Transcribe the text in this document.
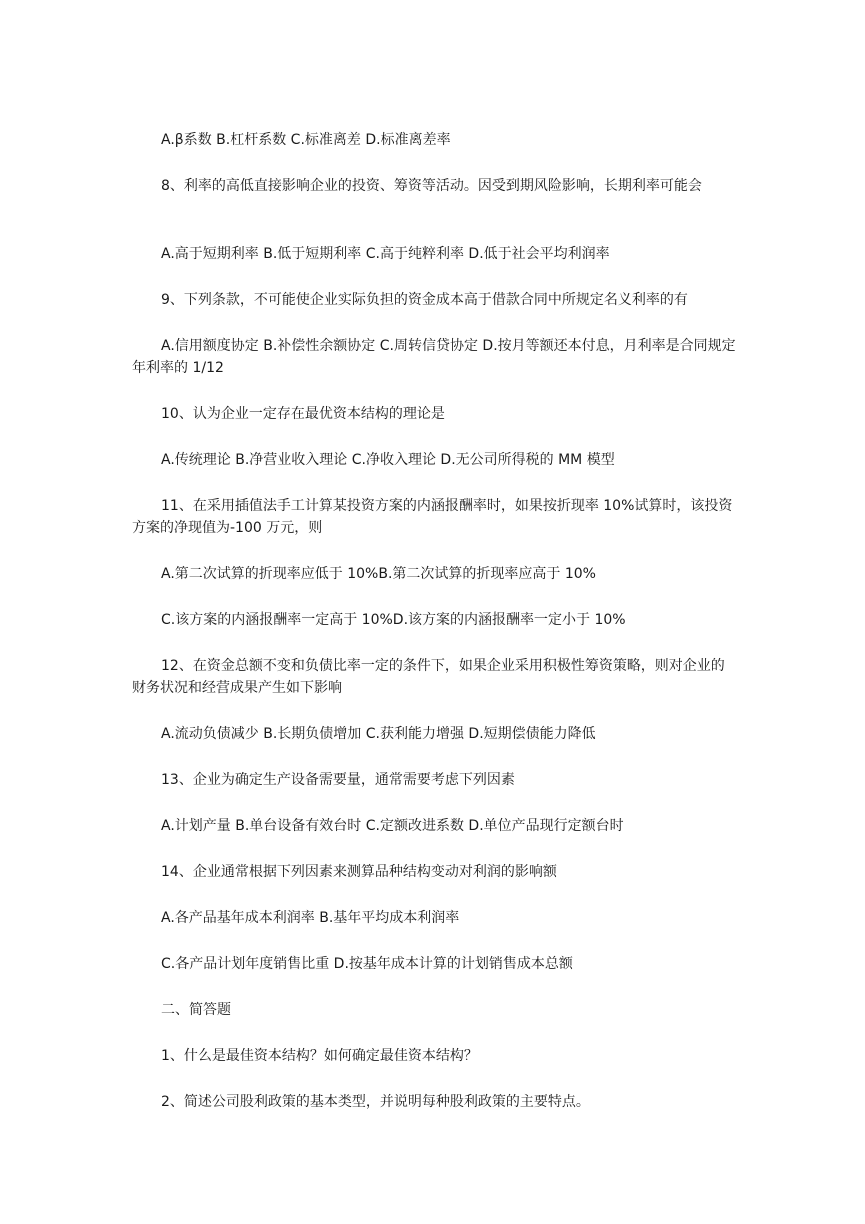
A.β系数 B.杠杆系数 C.标准离差 D.标准离差率

8、利率的高低直接影响企业的投资、筹资等活动。因受到期风险影响，长期利率可能会

A.高于短期利率 B.低于短期利率 C.高于纯粹利率 D.低于社会平均利润率

9、下列条款，不可能使企业实际负担的资金成本高于借款合同中所规定名义利率的有

A.信用额度协定 B.补偿性余额协定 C.周转信贷协定 D.按月等额还本付息，月利率是合同规定年利率的 1/12

10、认为企业一定存在最优资本结构的理论是

A.传统理论 B.净营业收入理论 C.净收入理论 D.无公司所得税的 MM 模型

11、在采用插值法手工计算某投资方案的内涵报酬率时，如果按折现率 10%试算时，该投资方案的净现值为-100 万元，则

A.第二次试算的折现率应低于 10%B.第二次试算的折现率应高于 10%

C.该方案的内涵报酬率一定高于 10%D.该方案的内涵报酬率一定小于 10%

12、在资金总额不变和负债比率一定的条件下，如果企业采用积极性筹资策略，则对企业的财务状况和经营成果产生如下影响

A.流动负债减少 B.长期负债增加 C.获利能力增强 D.短期偿债能力降低

13、企业为确定生产设备需要量，通常需要考虑下列因素

A.计划产量 B.单台设备有效台时 C.定额改进系数 D.单位产品现行定额台时

14、企业通常根据下列因素来测算品种结构变动对利润的影响额

A.各产品基年成本利润率 B.基年平均成本利润率

C.各产品计划年度销售比重 D.按基年成本计算的计划销售成本总额

二、简答题

1、什么是最佳资本结构？如何确定最佳资本结构？

2、简述公司股利政策的基本类型，并说明每种股利政策的主要特点。
